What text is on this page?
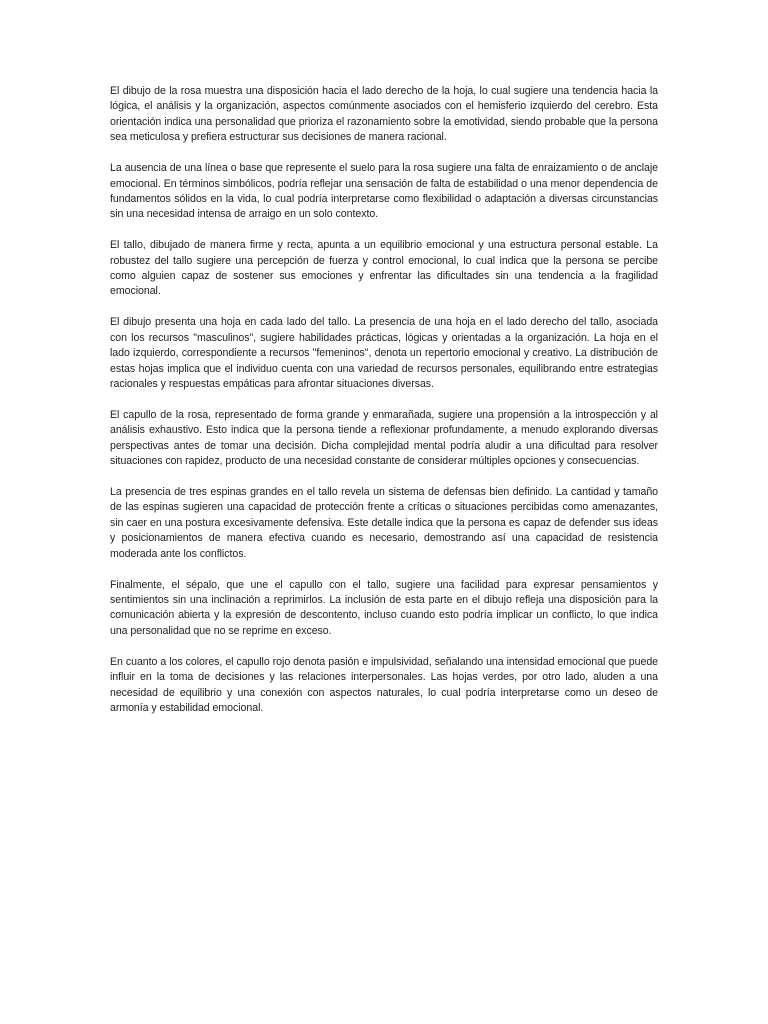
El dibujo de la rosa muestra una disposición hacia el lado derecho de la hoja, lo cual sugiere una tendencia hacia la lógica, el análisis y la organización, aspectos comúnmente asociados con el hemisferio izquierdo del cerebro. Esta orientación indica una personalidad que prioriza el razonamiento sobre la emotividad, siendo probable que la persona sea meticulosa y prefiera estructurar sus decisiones de manera racional.

La ausencia de una línea o base que represente el suelo para la rosa sugiere una falta de enraizamiento o de anclaje emocional. En términos simbólicos, podría reflejar una sensación de falta de estabilidad o una menor dependencia de fundamentos sólidos en la vida, lo cual podría interpretarse como flexibilidad o adaptación a diversas circunstancias sin una necesidad intensa de arraigo en un solo contexto.

El tallo, dibujado de manera firme y recta, apunta a un equilibrio emocional y una estructura personal estable. La robustez del tallo sugiere una percepción de fuerza y control emocional, lo cual indica que la persona se percibe como alguien capaz de sostener sus emociones y enfrentar las dificultades sin una tendencia a la fragilidad emocional.

El dibujo presenta una hoja en cada lado del tallo. La presencia de una hoja en el lado derecho del tallo, asociada con los recursos "masculinos", sugiere habilidades prácticas, lógicas y orientadas a la organización. La hoja en el lado izquierdo, correspondiente a recursos "femeninos", denota un repertorio emocional y creativo. La distribución de estas hojas implica que el individuo cuenta con una variedad de recursos personales, equilibrando entre estrategias racionales y respuestas empáticas para afrontar situaciones diversas.

El capullo de la rosa, representado de forma grande y enmarañada, sugiere una propensión a la introspección y al análisis exhaustivo. Esto indica que la persona tiende a reflexionar profundamente, a menudo explorando diversas perspectivas antes de tomar una decisión. Dicha complejidad mental podría aludir a una dificultad para resolver situaciones con rapidez, producto de una necesidad constante de considerar múltiples opciones y consecuencias.

La presencia de tres espinas grandes en el tallo revela un sistema de defensas bien definido. La cantidad y tamaño de las espinas sugieren una capacidad de protección frente a críticas o situaciones percibidas como amenazantes, sin caer en una postura excesivamente defensiva. Este detalle indica que la persona es capaz de defender sus ideas y posicionamientos de manera efectiva cuando es necesario, demostrando así una capacidad de resistencia moderada ante los conflictos.

Finalmente, el sépalo, que une el capullo con el tallo, sugiere una facilidad para expresar pensamientos y sentimientos sin una inclinación a reprimirlos. La inclusión de esta parte en el dibujo refleja una disposición para la comunicación abierta y la expresión de descontento, incluso cuando esto podría implicar un conflicto, lo que indica una personalidad que no se reprime en exceso.

En cuanto a los colores, el capullo rojo denota pasión e impulsividad, señalando una intensidad emocional que puede influir en la toma de decisiones y las relaciones interpersonales. Las hojas verdes, por otro lado, aluden a una necesidad de equilibrio y una conexión con aspectos naturales, lo cual podría interpretarse como un deseo de armonía y estabilidad emocional.
